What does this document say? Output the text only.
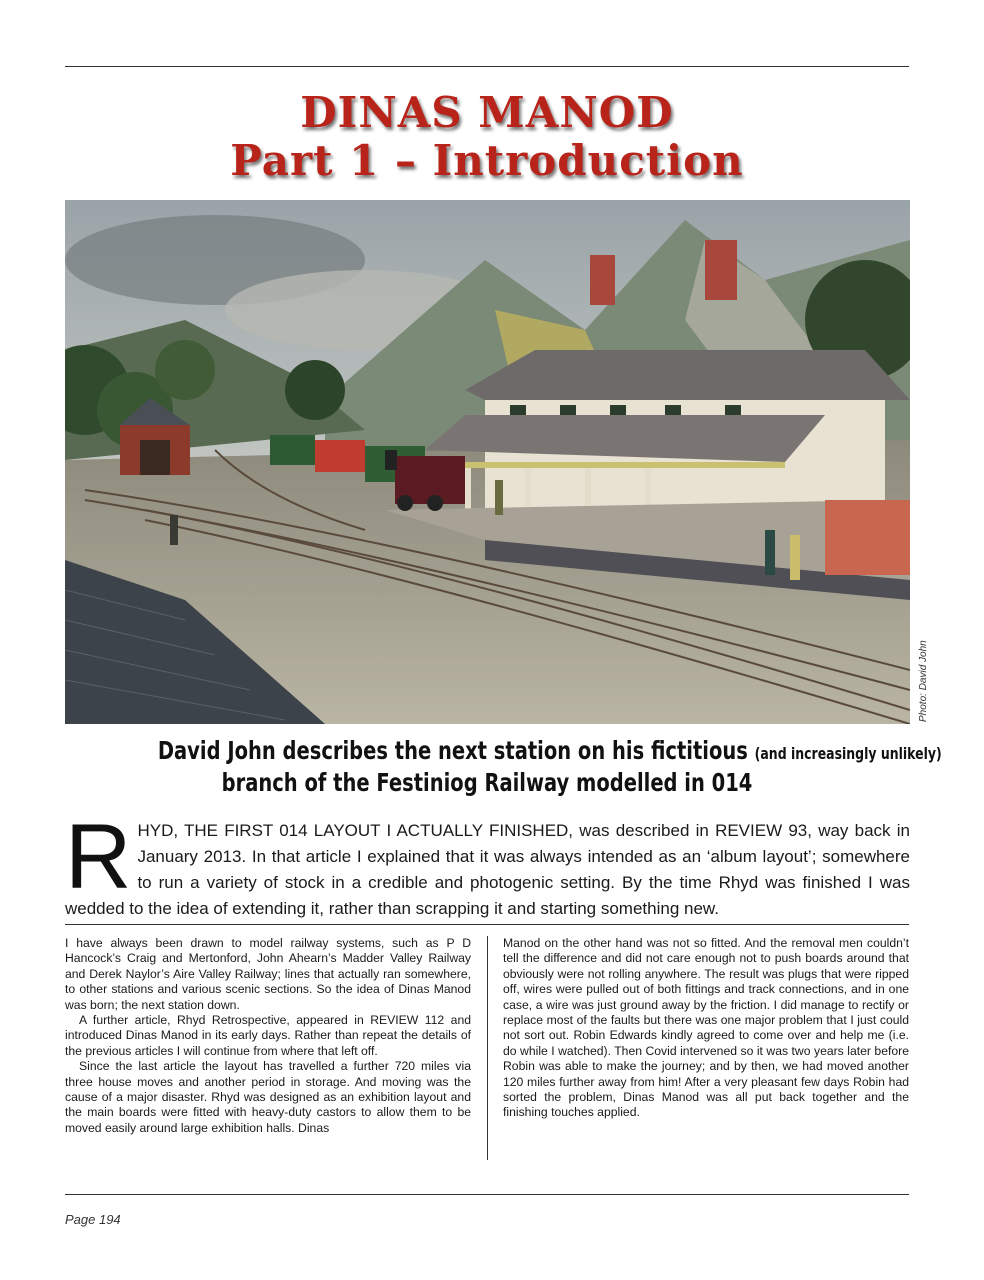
DINAS MANOD
Part 1 – Introduction
Photo: David John
David John describes the next station on his fictitious (and increasingly unlikely)
branch of the Festiniog Railway modelled in 014
R HYD, THE FIRST 014 LAYOUT I ACTUALLY FINISHED, was described in REVIEW 93, way back in January 2013. In that article I explained that it was always intended as an ‘album layout’; somewhere to run a variety of stock in a credible and photogenic setting. By the time Rhyd was finished I was wedded to the idea of extending it, rather than scrapping it and starting something new.

I have always been drawn to model railway systems, such as P D Hancock’s Craig and Mertonford, John Ahearn’s Madder Valley Railway and Derek Naylor’s Aire Valley Railway; lines that actually ran somewhere, to other stations and various scenic sections. So the idea of Dinas Manod was born; the next station down.

A further article, Rhyd Retrospective, appeared in REVIEW 112 and introduced Dinas Manod in its early days. Rather than repeat the details of the previous articles I will continue from where that left off.

Since the last article the layout has travelled a further 720 miles via three house moves and another period in storage. And moving was the cause of a major disaster. Rhyd was designed as an exhibition layout and the main boards were fitted with heavy-duty castors to allow them to be moved easily around large exhibition halls. Dinas

Manod on the other hand was not so fitted. And the removal men couldn’t tell the difference and did not care enough not to push boards around that obviously were not rolling anywhere. The result was plugs that were ripped off, wires were pulled out of both fittings and track connections, and in one case, a wire was just ground away by the friction. I did manage to rectify or replace most of the faults but there was one major problem that I just could not sort out. Robin Edwards kindly agreed to come over and help me (i.e. do while I watched). Then Covid intervened so it was two years later before Robin was able to make the journey; and by then, we had moved another 120 miles further away from him! After a very pleasant few days Robin had sorted the problem, Dinas Manod was all put back together and the finishing touches applied.

Page 194
